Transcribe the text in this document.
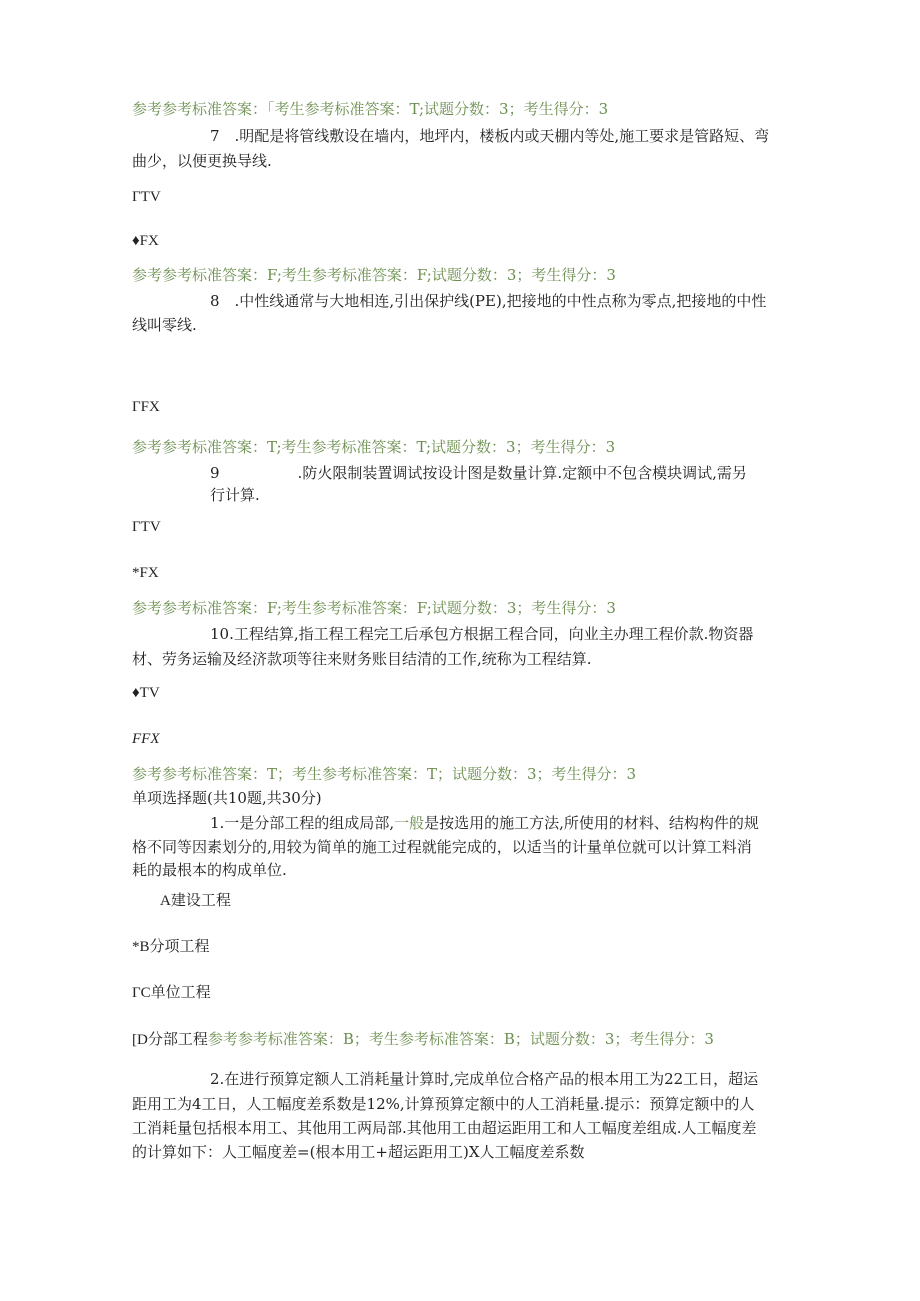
参考参考标准答案：「考生参考标准答案：T;试题分数：3；考生得分：3
7 .明配是将管线敷设在墙内，地坪内，楼板内或天棚内等处,施工要求是管路短、弯
曲少，以便更换导线.
ΓTV
♦FX
参考参考标准答案：F;考生参考标准答案：F;试题分数：3；考生得分：3
8 .中性线通常与大地相连,引出保护线(PE),把接地的中性点称为零点,把接地的中性
线叫零线.
ΓFX
参考参考标准答案：T;考生参考标准答案：T;试题分数：3；考生得分：3
9	.防火限制装置调试按设计图是数量计算.定额中不包含模块调试,需另
行计算.
ΓTV
*FX
参考参考标准答案：F;考生参考标准答案：F;试题分数：3；考生得分：3
10.工程结算,指工程工程完工后承包方根据工程合同，向业主办理工程价款.物资器
材、劳务运输及经济款项等往来财务账目结清的工作,统称为工程结算.
♦TV
FFX
参考参考标准答案：T；考生参考标准答案：T；试题分数：3；考生得分：3
单项选择题(共10题,共30分)
1.一是分部工程的组成局部,一般是按选用的施工方法,所使用的材料、结构构件的规
格不同等因素划分的,用较为简单的施工过程就能完成的，以适当的计量单位就可以计算工料消
耗的最根本的构成单位.
A建设工程
*B分项工程
ΓC单位工程
[D分部工程参考参考标准答案：B；考生参考标准答案：B；试题分数：3；考生得分：3
2.在进行预算定额人工消耗量计算时,完成单位合格产品的根本用工为22工日，超运
距用工为4工日，人工幅度差系数是12%,计算预算定额中的人工消耗量.提示：预算定额中的人
工消耗量包括根本用工、其他用工两局部.其他用工由超运距用工和人工幅度差组成.人工幅度差
的计算如下：人工幅度差=(根本用工+超运距用工)X人工幅度差系数
